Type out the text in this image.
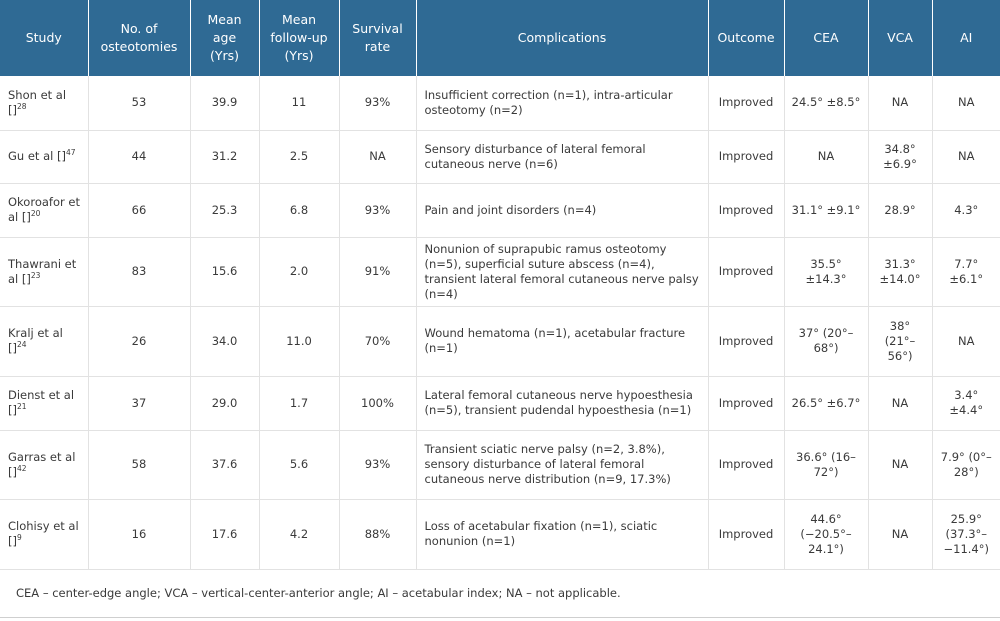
Study	No. of osteotomies	Mean age (Yrs)	Mean follow-up (Yrs)	Survival rate	Complications	Outcome	CEA	VCA	AI
Shon et al []$^{28}$	53	39.9	11	93%	Insufficient correction (n=1), intra-articular osteotomy (n=2)	Improved	24.5° ±8.5°	NA	NA
Gu et al []$^{47}$	44	31.2	2.5	NA	Sensory disturbance of lateral femoral cutaneous nerve (n=6)	Improved	NA	34.8° ±6.9°	NA
Okoroafor et al []$^{20}$	66	25.3	6.8	93%	Pain and joint disorders (n=4)	Improved	31.1° ±9.1°	28.9°	4.3°
Thawrani et al []$^{23}$	83	15.6	2.0	91%	Nonunion of suprapubic ramus osteotomy (n=5), superficial suture abscess (n=4), transient lateral femoral cutaneous nerve palsy (n=4)	Improved	35.5° ±14.3°	31.3° ±14.0°	7.7°±6.1°
Kralj et al []$^{24}$	26	34.0	11.0	70%	Wound hematoma (n=1), acetabular fracture (n=1)	Improved	37° (20°–68°)	38° (21°–56°)	NA
Dienst et al []$^{21}$	37	29.0	1.7	100%	Lateral femoral cutaneous nerve hypoesthesia (n=5), transient pudendal hypoesthesia (n=1)	Improved	26.5° ±6.7°	NA	3.4° ±4.4°
Garras et al []$^{42}$	58	37.6	5.6	93%	Transient sciatic nerve palsy (n=2, 3.8%), sensory disturbance of lateral femoral cutaneous nerve distribution (n=9, 17.3%)	Improved	36.6° (16–72°)	NA	7.9° (0°–28°)
Clohisy et al []$^9$	16	17.6	4.2	88%	Loss of acetabular fixation (n=1), sciatic nonunion (n=1)	Improved	44.6° (−20.5°–24.1°)	NA	25.9° (37.3°–−11.4°)
CEA – center-edge angle; VCA – vertical-center-anterior angle; AI – acetabular index; NA – not applicable.									
